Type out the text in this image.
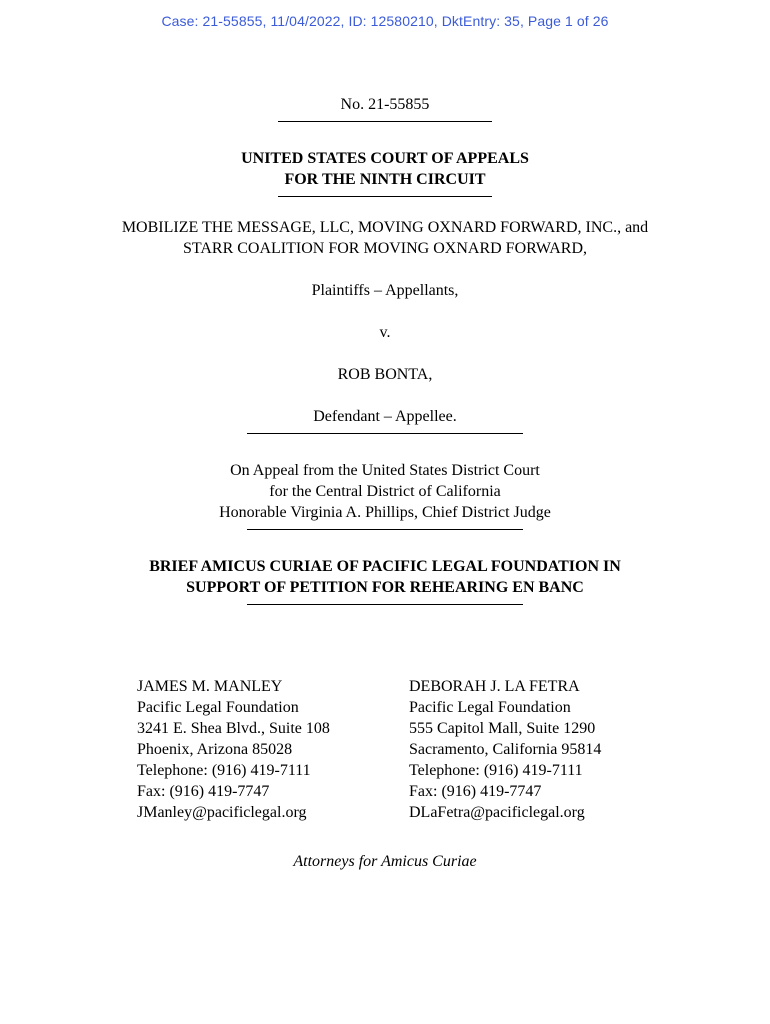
Case: 21-55855, 11/04/2022, ID: 12580210, DktEntry: 35, Page 1 of 26
No. 21-55855
UNITED STATES COURT OF APPEALS
FOR THE NINTH CIRCUIT
MOBILIZE THE MESSAGE, LLC, MOVING OXNARD FORWARD, INC., and
STARR COALITION FOR MOVING OXNARD FORWARD,
Plaintiffs – Appellants,
v.
ROB BONTA,
Defendant – Appellee.
On Appeal from the United States District Court
for the Central District of California
Honorable Virginia A. Phillips, Chief District Judge
BRIEF AMICUS CURIAE OF PACIFIC LEGAL FOUNDATION IN
SUPPORT OF PETITION FOR REHEARING EN BANC
JAMES M. MANLEY
Pacific Legal Foundation
3241 E. Shea Blvd., Suite 108
Phoenix, Arizona 85028
Telephone: (916) 419-7111
Fax: (916) 419-7747
JManley@pacificlegal.org
DEBORAH J. LA FETRA
Pacific Legal Foundation
555 Capitol Mall, Suite 1290
Sacramento, California 95814
Telephone: (916) 419-7111
Fax: (916) 419-7747
DLaFetra@pacificlegal.org
Attorneys for Amicus Curiae
